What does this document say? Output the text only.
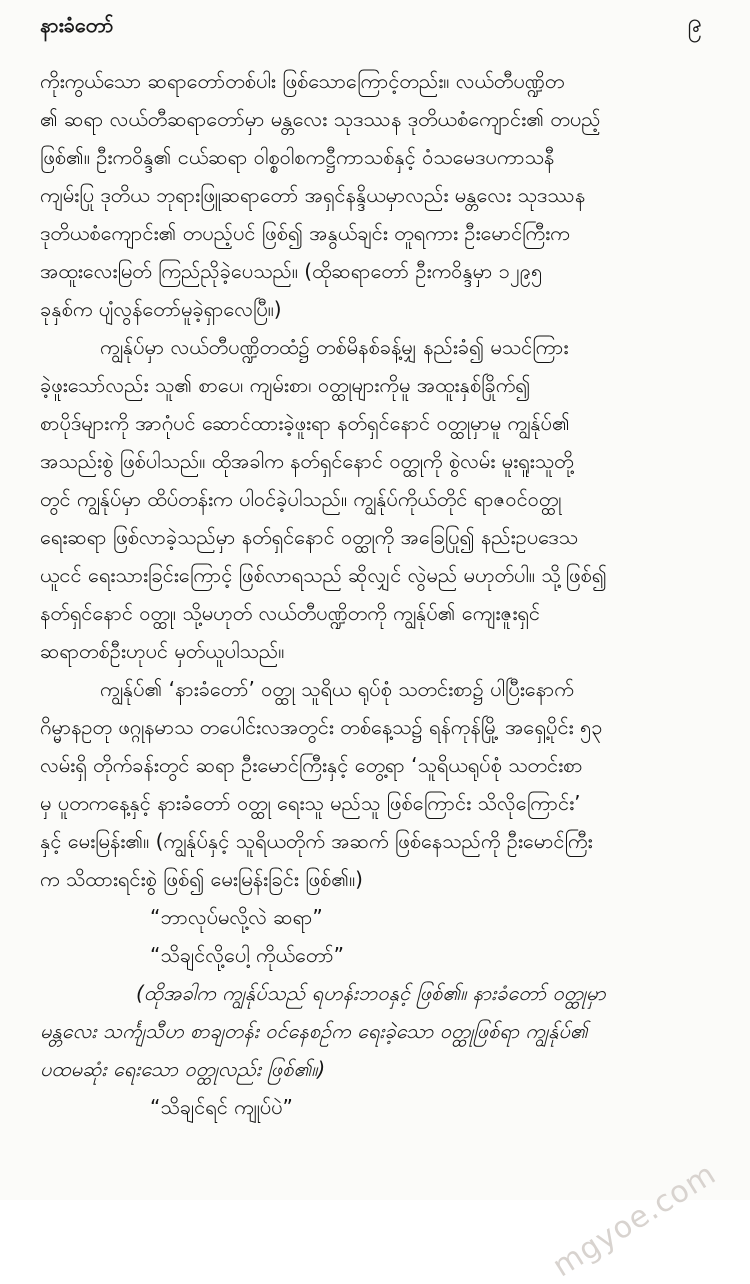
နား‌ခံ‌တော်	၉
ကိုးကွယ်သော ဆရာတော်တစ်ပါး ဖြစ်သောကြောင့်တည်း။ လယ်တီပဏ္ဍိတ
၏ ဆရာ လယ်တီဆရာတော်မှာ မန္တလေး သုဒဿန ဒုတိယစံကျောင်း၏ တပည့်
ဖြစ်၏။ ဦးကဝိန္ဒ၏ ငယ်ဆရာ ဝါစ္စဝါစကဋ္ဌီကာသစ်နှင့် ဝံသမေဒပကာသနီ
ကျမ်းပြု ဒုတိယ ဘုရားဖြူဆရာတော် အရှင်နန္ဒိယမှာလည်း မန္တလေး သုဒဿန
ဒုတိယစံကျောင်း၏ တပည့်ပင် ဖြစ်၍ အနွယ်ချင်း တူရကား ဦးမောင်ကြီးက
အထူးလေးမြတ် ကြည်ညိုခဲ့ပေသည်။ (ထိုဆရာတော် ဦးကဝိန္ဒမှာ ၁၂၉၅
ခုနှစ်က ပျံလွန်တော်မူခဲ့ရှာလေပြီ။)
ကျွန်ုပ်မှာ လယ်တီပဏ္ဍိတထံ၌ တစ်မိနစ်ခန့်မျှ နည်းခံ၍ မသင်ကြား
ခဲ့ဖူးသော်လည်း သူ၏ စာပေ၊ ကျမ်းစာ၊ ဝတ္ထုများကိုမူ အထူးနှစ်ခြိုက်၍
စာပိုဒ်များကို အာဂုံပင် ဆောင်ထားခဲ့ဖူးရာ နတ်ရှင်နောင် ဝတ္ထုမှာမူ ကျွန်ုပ်၏
အသည်းစွဲ ဖြစ်ပါသည်။ ထိုအခါက နတ်ရှင်နောင် ဝတ္ထုကို စွဲလမ်း မူးရူးသူတို့
တွင် ကျွန်ုပ်မှာ ထိပ်တန်းက ပါဝင်ခဲ့ပါသည်။ ကျွန်ုပ်ကိုယ်တိုင် ရာဇဝင်ဝတ္ထု
ရေးဆရာ ဖြစ်လာခဲ့သည်မှာ နတ်ရှင်နောင် ဝတ္ထုကို အခြေပြု၍ နည်းဥပဒေသ
ယူငင် ရေးသားခြင်းကြောင့် ဖြစ်လာရသည် ဆိုလျှင် လွဲမည် မဟုတ်ပါ။ သို့ဖြစ်၍
နတ်ရှင်နောင် ဝတ္ထု၊ သို့မဟုတ် လယ်တီပဏ္ဍိတကို ကျွန်ုပ်၏ ကျေးဇူးရှင်
ဆရာတစ်ဦးဟုပင် မှတ်ယူပါသည်။
ကျွန်ုပ်၏ ‘နားခံတော်’ ဝတ္ထု သူရိယ ရုပ်စုံ သတင်းစာ၌ ပါပြီးနောက်
ဂိမ္မာနဥတု ဖဂ္ဂုနမာသ တပေါင်းလအတွင်း တစ်နေ့သ၌ ရန်ကုန်မြို့ အရှေ့ပိုင်း ၅၃
လမ်းရှိ တိုက်ခန်းတွင် ဆရာ ဦးမောင်ကြီးနှင့် တွေ့ရာ ‘သူရိယရုပ်စုံ သတင်းစာ
မှ ပူတကနေ့နှင့် နားခံတော် ဝတ္ထု ရေးသူ မည်သူ ဖြစ်ကြောင်း သိလိုကြောင်း’
နှင့် မေးမြန်း၏။ (ကျွန်ုပ်နှင့် သူရိယတိုက် အဆက် ဖြစ်နေသည်ကို ဦးမောင်ကြီး
က သိထားရင်းစွဲ ဖြစ်၍ မေးမြန်းခြင်း ဖြစ်၏။)
“ဘာလုပ်မလို့လဲ ဆရာ”
“သိချင်လို့ပေါ့ ကိုယ်တော်”
(ထိုအခါက ကျွန်ုပ်သည် ရဟန်းဘဝနှင့် ဖြစ်၏။ နားခံတော် ဝတ္ထုမှာ
မန္တလေး သင်္ကျသီဟ စာချတန်း ဝင်နေစဉ်က ရေးခဲ့သော ဝတ္ထုဖြစ်ရာ ကျွန်ုပ်၏
ပထမဆုံး ရေးသော ဝတ္ထုလည်း ဖြစ်၏။)
“သိချင်ရင် ကျုပ်ပဲ”
mgyoe.com
